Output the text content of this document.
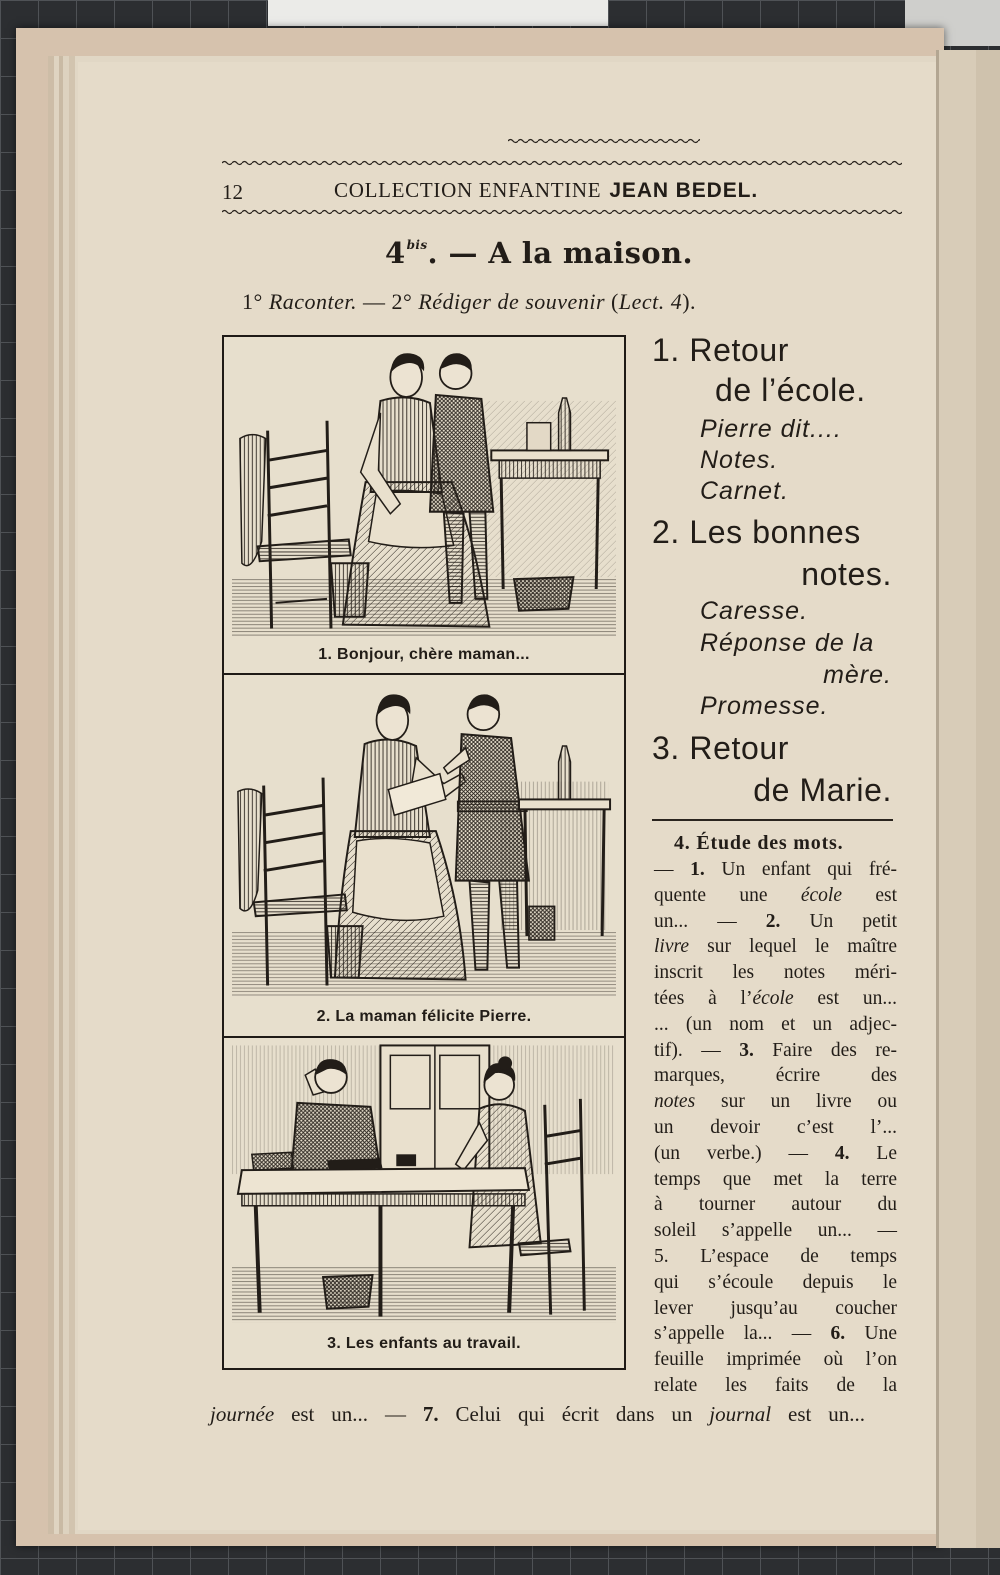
12	COLLECTION ENFANTINE JEAN BEDEL.
$4^{bis}$. — A la maison.
1° Raconter. — 2° Rédiger de souvenir (Lect. 4).
1. Bonjour, chère maman...
2. La maman félicite Pierre.
3. Les enfants au travail.
1. Retour
de l’école.
Pierre dit....
Notes.
Carnet.
2. Les bonnes
notes.
Caresse.
Réponse de la
mère.
Promesse.
3. Retour
de Marie.
4. Étude des mots.
— 1. Un enfant qui fré-
quente une école est
un... — 2. Un petit
livre sur lequel le maître
inscrit les notes méri-
tées à l’école est un...
... (un nom et un adjec-
tif). — 3. Faire des re-
marques, écrire des
notes sur un livre ou
un devoir c’est l’...
(un verbe.) — 4. Le
temps que met la terre
à tourner autour du
soleil s’appelle un... —
5. L’espace de temps
qui s’écoule depuis le
lever jusqu’au coucher
s’appelle la... — 6. Une
feuille imprimée où l’on
relate les faits de la
journée est un... — 7. Celui qui écrit dans un journal est un...
